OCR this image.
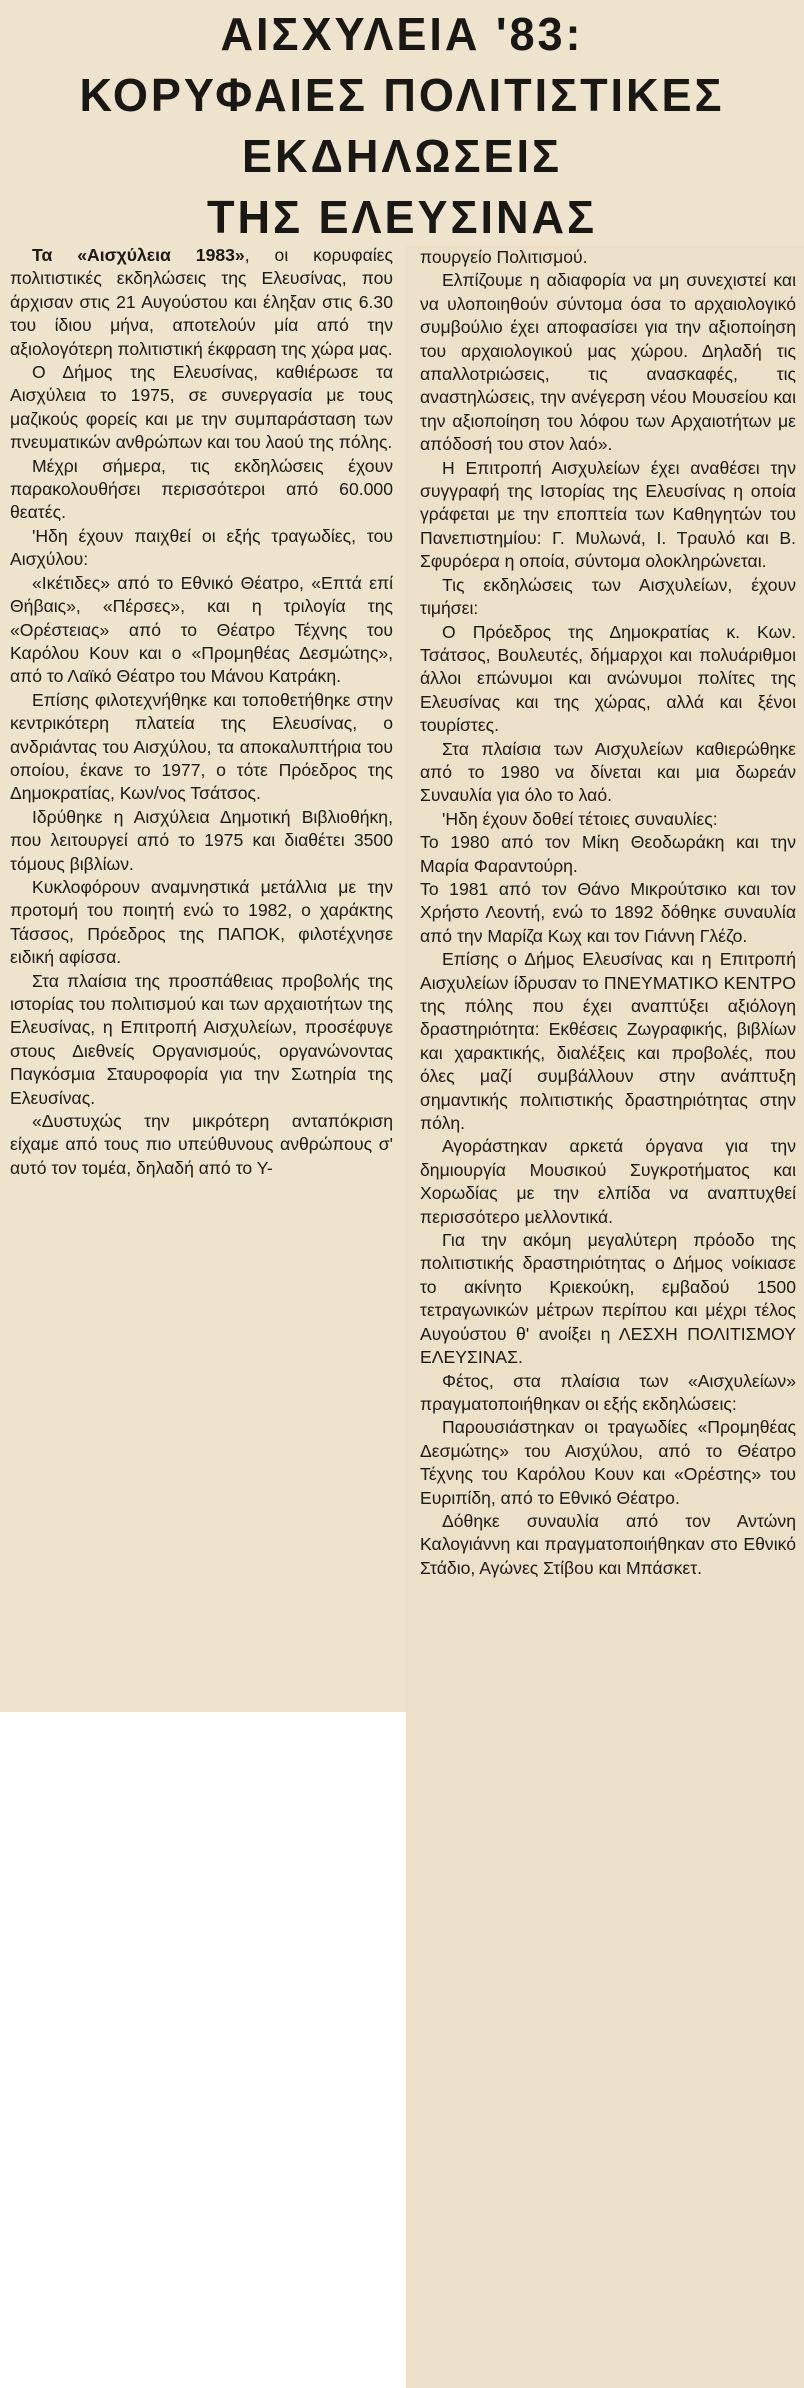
ΑΙΣΧΥΛΕΙΑ '83:
ΚΟΡΥΦΑΙΕΣ ΠΟΛΙΤΙΣΤΙΚΕΣ
ΕΚΔΗΛΩΣΕΙΣ
ΤΗΣ ΕΛΕΥΣΙΝΑΣ

Τα «Αισχύλεια 1983», οι κορυφαίες πολιτιστικές εκδηλώσεις της Ελευσίνας, που άρχισαν στις 21 Αυγούστου και έληξαν στις 6.30 του ίδιου μήνα, αποτελούν μία από την αξιολογότερη πολιτιστική έκφραση της χώρα μας.

Ο Δήμος της Ελευσίνας, καθιέρωσε τα Αισχύλεια το 1975, σε συνεργασία με τους μαζικούς φορείς και με την συμπαράσταση των πνευματικών ανθρώπων και του λαού της πόλης.

Μέχρι σήμερα, τις εκδηλώσεις έχουν παρακολουθήσει περισσότεροι από 60.000 θεατές.

'Ηδη έχουν παιχθεί οι εξής τραγωδίες, του Αισχύλου:

«Ικέτιδες» από το Εθνικό Θέατρο, «Επτά επί Θήβαις», «Πέρσες», και η τριλογία της «Ορέστειας» από το Θέατρο Τέχνης του Καρόλου Κουν και ο «Προμηθέας Δεσμώτης», από το Λαϊκό Θέατρο του Μάνου Κατράκη.

Επίσης φιλοτεχνήθηκε και τοποθετήθηκε στην κεντρικότερη πλατεία της Ελευσίνας, ο ανδριάντας του Αισχύλου, τα αποκαλυπτήρια του οποίου, έκανε το 1977, ο τότε Πρόεδρος της Δημοκρατίας, Κων/νος Τσάτσος.

Ιδρύθηκε η Αισχύλεια Δημοτική Βιβλιοθήκη, που λειτουργεί από το 1975 και διαθέτει 3500 τόμους βιβλίων.

Κυκλοφόρουν αναμνηστικά μετάλλια με την προτομή του ποιητή ενώ το 1982, ο χαράκτης Τάσσος, Πρόεδρος της ΠΑΠΟΚ, φιλοτέχνησε ειδική αφίσσα.

Στα πλαίσια της προσπάθειας προβολής της ιστορίας του πολιτισμού και των αρχαιοτήτων της Ελευσίνας, η Επιτροπή Αισχυλείων, προσέφυγε στους Διεθνείς Οργανισμούς, οργανώνοντας Παγκόσμια Σταυροφορία για την Σωτηρία της Ελευσίνας.

«Δυστυχώς την μικρότερη ανταπόκριση είχαμε από τους πιο υπεύθυνους ανθρώπους σ' αυτό τον τομέα, δηλαδή από το Υ-

πουργείο Πολιτισμού.

Ελπίζουμε η αδιαφορία να μη συνεχιστεί και να υλοποιηθούν σύντομα όσα το αρχαιολογικό συμβούλιο έχει αποφασίσει για την αξιοποίηση του αρχαιολογικού μας χώρου. Δηλαδή τις απαλλοτριώσεις, τις ανασκαφές, τις αναστηλώσεις, την ανέγερση νέου Μουσείου και την αξιοποίηση του λόφου των Αρχαιοτήτων με απόδοσή του στον λαό».

Η Επιτροπή Αισχυλείων έχει αναθέσει την συγγραφή της Ιστορίας της Ελευσίνας η οποία γράφεται με την εποπτεία των Καθηγητών του Πανεπιστημίου: Γ. Μυλωνά, Ι. Τραυλό και Β. Σφυρόερα η οποία, σύντομα ολοκληρώνεται.

Τις εκδηλώσεις των Αισχυλείων, έχουν τιμήσει:

Ο Πρόεδρος της Δημοκρατίας κ. Κων. Τσάτσος, Βουλευτές, δήμαρχοι και πολυάριθμοι άλλοι επώνυμοι και ανώνυμοι πολίτες της Ελευσίνας και της χώρας, αλλά και ξένοι τουρίστες.

Στα πλαίσια των Αισχυλείων καθιερώθηκε από το 1980 να δίνεται και μια δωρεάν Συναυλία για όλο το λαό.

'Ηδη έχουν δοθεί τέτοιες συναυλίες:

Το 1980 από τον Μίκη Θεοδωράκη και την Μαρία Φαραντούρη.

Το 1981 από τον Θάνο Μικρούτσικο και τον Χρήστο Λεοντή, ενώ το 1892 δόθηκε συναυλία από την Μαρίζα Κωχ και τον Γιάννη Γλέζο.

Επίσης ο Δήμος Ελευσίνας και η Επιτροπή Αισχυλείων ίδρυσαν το ΠΝΕΥΜΑΤΙΚΟ ΚΕΝΤΡΟ της πόλης που έχει αναπτύξει αξιόλογη δραστηριότητα: Εκθέσεις Ζωγραφικής, βιβλίων και χαρακτικής, διαλέξεις και προβολές, που όλες μαζί συμβάλλουν στην ανάπτυξη σημαντικής πολιτιστικής δραστηριότητας στην πόλη.

Αγοράστηκαν αρκετά όργανα για την δημιουργία Μουσικού Συγκροτήματος και Χορωδίας με την ελπίδα να αναπτυχθεί περισσότερο μελλοντικά.

Για την ακόμη μεγαλύτερη πρόοδο της πολιτιστικής δραστηριότητας ο Δήμος νοίκιασε το ακίνητο Κριεκούκη, εμβαδού 1500 τετραγωνικών μέτρων περίπου και μέχρι τέλος Αυγούστου θ' ανοίξει η ΛΕΣΧΗ ΠΟΛΙΤΙΣΜΟΥ ΕΛΕΥΣΙΝΑΣ.

Φέτος, στα πλαίσια των «Αισχυλείων» πραγματοποιήθηκαν οι εξής εκδηλώσεις:

Παρουσιάστηκαν οι τραγωδίες «Προμηθέας Δεσμώτης» του Αισχύλου, από το Θέατρο Τέχνης του Καρόλου Κουν και «Ορέστης» του Ευριπίδη, από το Εθνικό Θέατρο.

Δόθηκε συναυλία από τον Αντώνη Καλογιάννη και πραγματοποιήθηκαν στο Εθνικό Στάδιο, Αγώνες Στίβου και Μπάσκετ.
